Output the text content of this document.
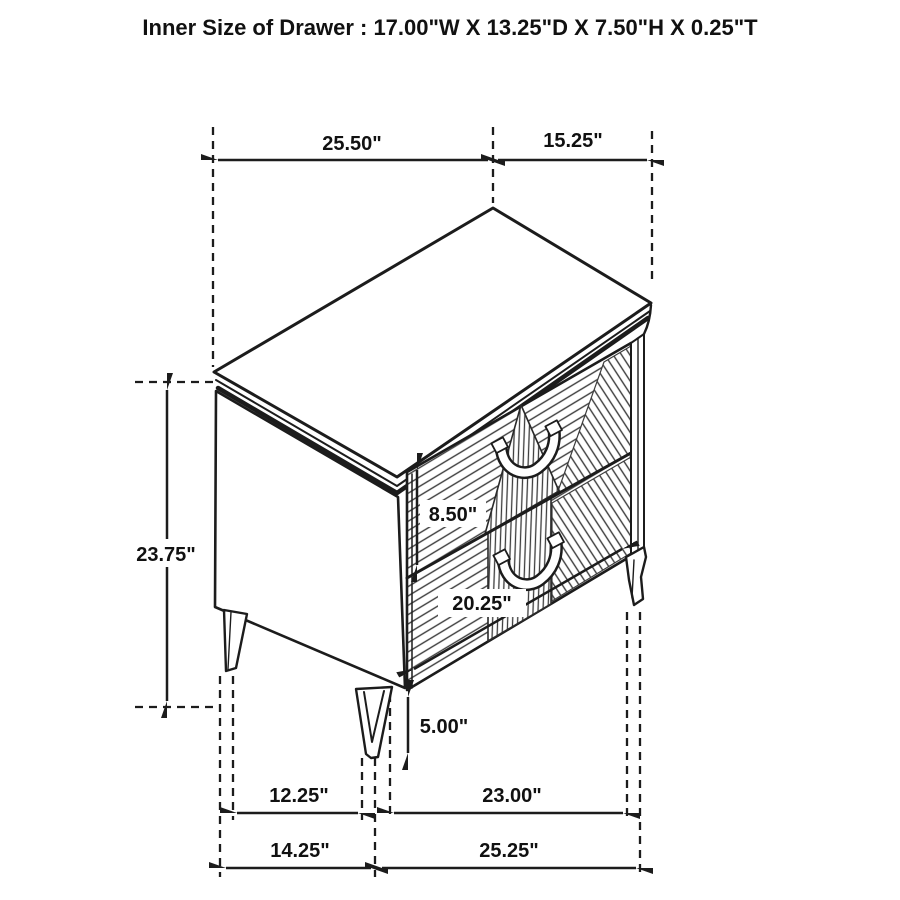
25.50"	15.25"
23.75"
8.50"
20.25"
5.00"
12.25"	23.00"
14.25"	25.25"
Inner Size of Drawer : 17.00"W X 13.25"D X 7.50"H X 0.25"T
